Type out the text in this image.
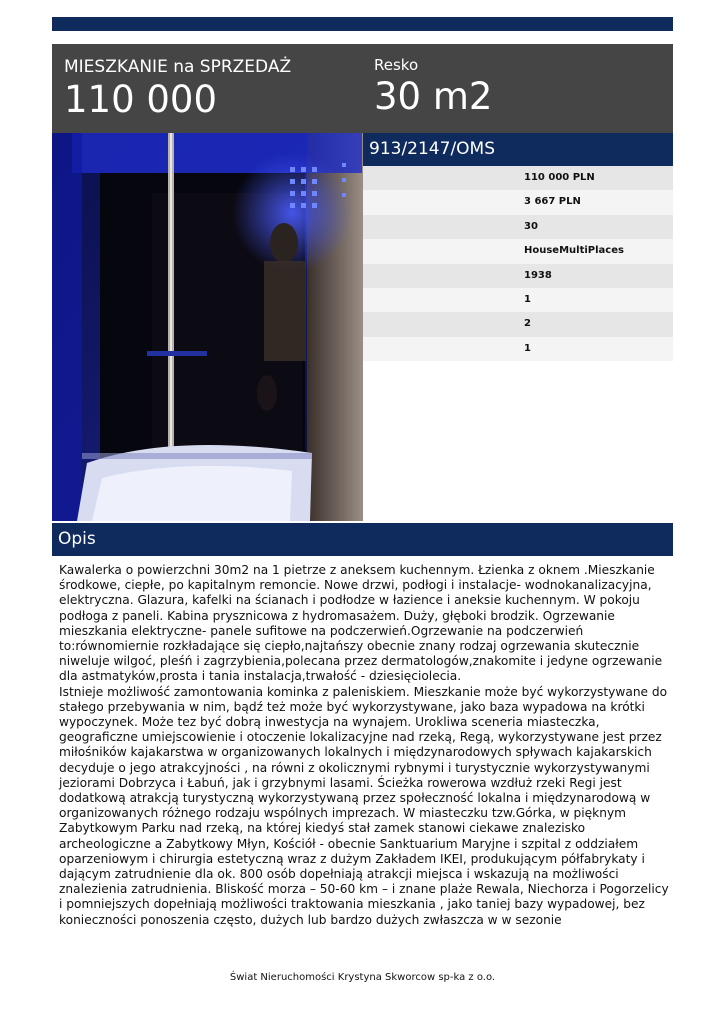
MIESZKANIE na SPRZEDAŻ
110 000
Resko
30 m2
913/2147/OMS
110 000 PLN
3 667 PLN
30
HouseMultiPlaces
1938
1
2
1
Opis

Kawalerka o powierzchni 30m2 na 1 pietrze z aneksem kuchennym. Łzienka z oknem .Mieszkanie środkowe, ciepłe, po kapitalnym remoncie. Nowe drzwi, podłogi i instalacje- wodnokanalizacyjna, elektryczna. Glazura, kafelki na ścianach i podłodze w łazience i aneksie kuchennym. W pokoju podłoga z paneli. Kabina prysznicowa z hydromasażem. Duży, głęboki brodzik. Ogrzewanie mieszkania elektryczne- panele sufitowe na podczerwień.Ogrzewanie na podczerwień to:równomiernie rozkładające się ciepło,najtańszy obecnie znany rodzaj ogrzewania skutecznie niweluje wilgoć, pleśń i zagrzybienia,polecana przez dermatologów,znakomite i jedyne ogrzewanie dla astmatyków,prosta i tania instalacja,trwałość - dziesięciolecia.

Istnieje możliwość zamontowania kominka z paleniskiem. Mieszkanie może być wykorzystywane do stałego przebywania w nim, bądź też może być wykorzystywane, jako baza wypadowa na krótki wypoczynek. Może tez być dobrą inwestycja na wynajem. Urokliwa sceneria miasteczka, geograficzne umiejscowienie i otoczenie lokalizacyjne nad rzeką, Regą, wykorzystywane jest przez miłośników kajakarstwa w organizowanych lokalnych i międzynarodowych spływach kajakarskich decyduje o jego atrakcyjności , na równi z okolicznymi rybnymi i turystycznie wykorzystywanymi jeziorami Dobrzyca i Łabuń, jak i grzybnymi lasami. Ścieżka rowerowa wzdłuż rzeki Regi jest dodatkową atrakcją turystyczną wykorzystywaną przez społeczność lokalna i międzynarodową w organizowanych różnego rodzaju wspólnych imprezach. W miasteczku tzw.Górka, w pięknym Zabytkowym Parku nad rzeką, na której kiedyś stał zamek stanowi ciekawe znalezisko archeologiczne a Zabytkowy Młyn, Kościół - obecnie Sanktuarium Maryjne i szpital z oddziałem oparzeniowym i chirurgia estetyczną wraz z dużym Zakładem IKEI, produkującym półfabrykaty i dającym zatrudnienie dla ok. 800 osób dopełniają atrakcji miejsca i wskazują na możliwości znalezienia zatrudnienia. Bliskość morza – 50-60 km – i znane plaże Rewala, Niechorza i Pogorzelicy i pomniejszych dopełniają możliwości traktowania mieszkania , jako taniej bazy wypadowej, bez konieczności ponoszenia często, dużych lub bardzo dużych zwłaszcza w w sezonie

Świat Nieruchomości Krystyna Skworcow sp-ka z o.o.
